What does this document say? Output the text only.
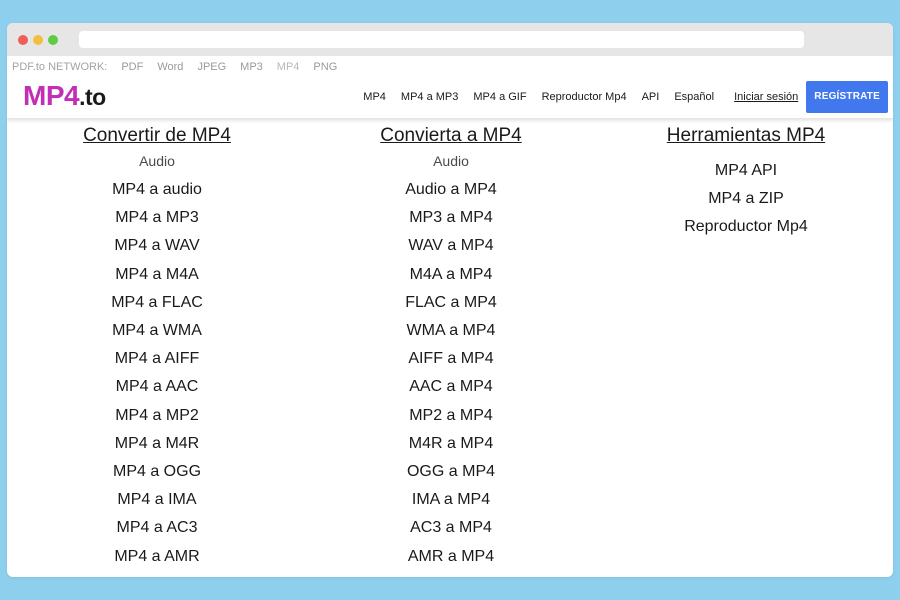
PDF.to NETWORK: PDF Word JPEG MP3 MP4 PNG
MP4.to	MP4 MP4 a MP3 MP4 a GIF Reproductor Mp4 API Español Iniciar sesión	REGÍSTRATE
Convertir de MP4
Audio
MP4 a audio
MP4 a MP3
MP4 a WAV
MP4 a M4A
MP4 a FLAC
MP4 a WMA
MP4 a AIFF
MP4 a AAC
MP4 a MP2
MP4 a M4R
MP4 a OGG
MP4 a IMA
MP4 a AC3
MP4 a AMR
Convierta a MP4
Audio
Audio a MP4
MP3 a MP4
WAV a MP4
M4A a MP4
FLAC a MP4
WMA a MP4
AIFF a MP4
AAC a MP4
MP2 a MP4
M4R a MP4
OGG a MP4
IMA a MP4
AC3 a MP4
AMR a MP4
Herramientas MP4
MP4 API
MP4 a ZIP
Reproductor Mp4
